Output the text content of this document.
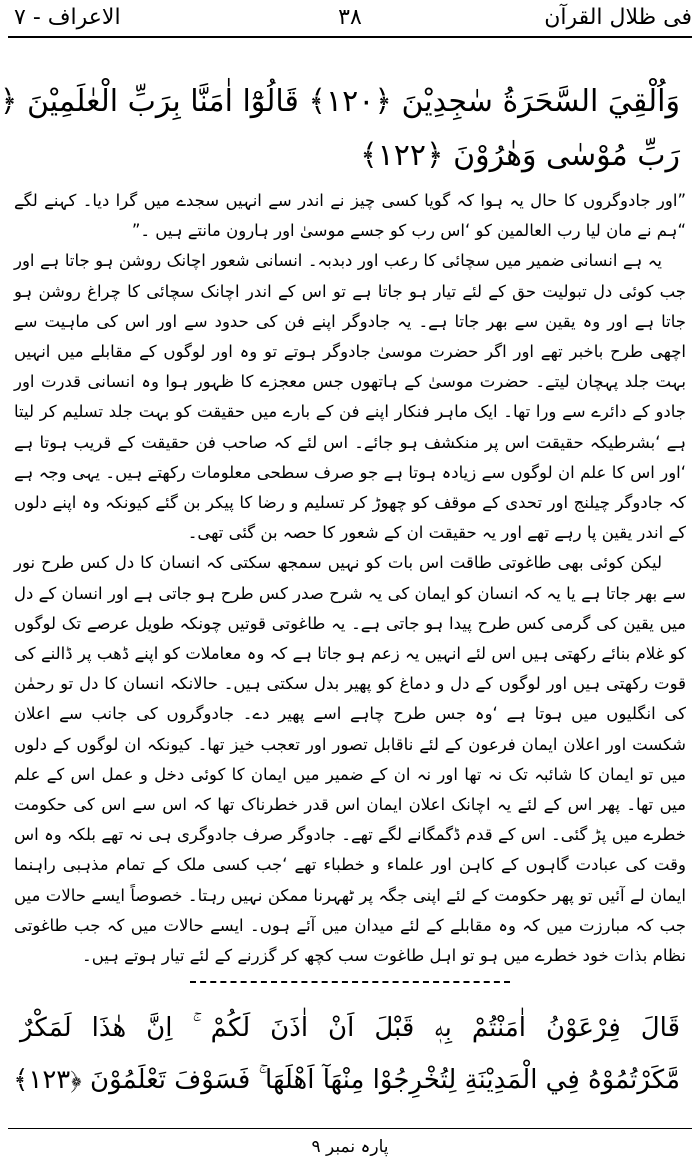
فی ظلال القرآن
۳۸
الاعراف - ۷
وَاُلْقِيَ السَّحَرَةُ سٰجِدِيْنَ ﴿۱۲۰﴾ قَالُوْٓا اٰمَنَّا بِرَبِّ الْعٰلَمِيْنَ ﴿
رَبِّ مُوْسٰى وَهٰرُوْنَ ﴿۱۲۲﴾

”اور جادوگروں کا حال یہ ہوا کہ گویا کسی چیز نے اندر سے انہیں سجدے میں گرا دیا۔ کہنے لگے “ہم نے مان لیا رب العالمین کو ‘اس رب کو جسے موسیٰ اور ہارون مانتے ہیں ۔”

یہ ہے انسانی ضمیر میں سچائی کا رعب اور دبدبہ۔ انسانی شعور اچانک روشن ہو جاتا ہے اور جب کوئی دل تبولیت حق کے لئے تیار ہو جاتا ہے تو اس کے اندر اچانک سچائی کا چراغ روشن ہو جاتا ہے اور وہ یقین سے بھر جاتا ہے۔ یہ جادوگر اپنے فن کی حدود سے اور اس کی ماہیت سے اچھی طرح باخبر تھے اور اگر حضرت موسیٰ جادوگر ہوتے تو وہ اور لوگوں کے مقابلے میں انہیں بہت جلد پہچان لیتے۔ حضرت موسیٰ کے ہاتھوں جس معجزے کا ظہور ہوا وہ انسانی قدرت اور جادو کے دائرے سے ورا تھا۔ ایک ماہر فنکار اپنے فن کے بارے میں حقیقت کو بہت جلد تسلیم کر لیتا ہے ‘بشرطیکہ حقیقت اس پر منکشف ہو جائے۔ اس لئے کہ صاحب فن حقیقت کے قریب ہوتا ہے ‘اور اس کا علم ان لوگوں سے زیادہ ہوتا ہے جو صرف سطحی معلومات رکھتے ہیں۔ یہی وجہ ہے کہ جادوگر چیلنج اور تحدی کے موقف کو چھوڑ کر تسلیم و رضا کا پیکر بن گئے کیونکہ وہ اپنے دلوں کے اندر یقین پا رہے تھے اور یہ حقیقت ان کے شعور کا حصہ بن گئی تھی۔

لیکن کوئی بھی طاغوتی طاقت اس بات کو نہیں سمجھ سکتی کہ انسان کا دل کس طرح نور سے بھر جاتا ہے یا یہ کہ انسان کو ایمان کی یہ شرح صدر کس طرح ہو جاتی ہے اور انسان کے دل میں یقین کی گرمی کس طرح پیدا ہو جاتی ہے۔ یہ طاغوتی قوتیں چونکہ طویل عرصے تک لوگوں کو غلام بنائے رکھتی ہیں اس لئے انہیں یہ زعم ہو جاتا ہے کہ وہ معاملات کو اپنے ڈھب پر ڈالنے کی قوت رکھتی ہیں اور لوگوں کے دل و دماغ کو پھیر بدل سکتی ہیں۔ حالانکہ انسان کا دل تو رحمٰن کی انگلیوں میں ہوتا ہے ‘وہ جس طرح چاہے اسے پھیر دے۔ جادوگروں کی جانب سے اعلان شکست اور اعلان ایمان فرعون کے لئے ناقابل تصور اور تعجب خیز تھا۔ کیونکہ ان لوگوں کے دلوں میں تو ایمان کا شائبہ تک نہ تھا اور نہ ان کے ضمیر میں ایمان کا کوئی دخل و عمل اس کے علم میں تھا۔ پھر اس کے لئے یہ اچانک اعلان ایمان اس قدر خطرناک تھا کہ اس سے اس کی حکومت خطرے میں پڑ گئی۔ اس کے قدم ڈگمگانے لگے تھے۔ جادوگر صرف جادوگری ہی نہ تھے بلکہ وہ اس وقت کی عبادت گاہوں کے کاہن اور علماء و خطباء تھے ‘جب کسی ملک کے تمام مذہبی راہنما ایمان لے آئیں تو پھر حکومت کے لئے اپنی جگہ پر ٹھہرنا ممکن نہیں رہتا۔ خصوصاً ایسے حالات میں جب کہ مبارزت میں کہ وہ مقابلے کے لئے میدان میں آئے ہوں۔ ایسے حالات میں کہ جب طاغوتی نظام بذات خود خطرے میں ہو تو اہل طاغوت سب کچھ کر گزرنے کے لئے تیار ہوتے ہیں۔

قَالَ فِرْعَوْنُ اٰمَنْتُمْ بِهٖ قَبْلَ اَنْ اٰذَنَ لَكُمْ ۚ اِنَّ هٰذَا لَمَكْرٌ
مَّكَرْتُمُوْهُ فِي الْمَدِيْنَةِ لِتُخْرِجُوْا مِنْهَآ اَهْلَهَا ۚ فَسَوْفَ تَعْلَمُوْنَ ﴿۱۲۳﴾
پارہ نمبر ۹
